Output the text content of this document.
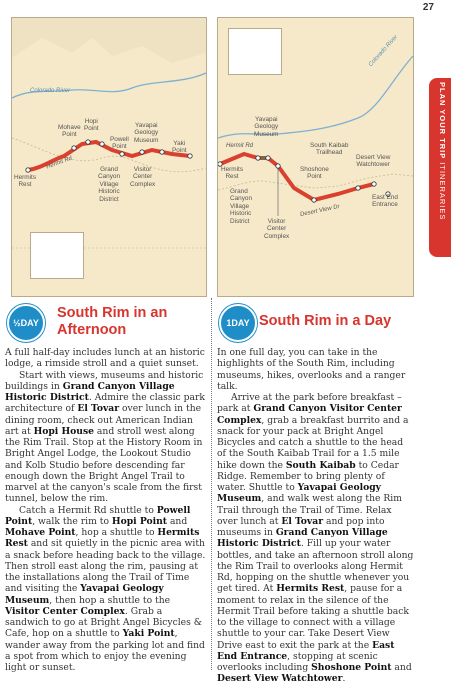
27
PLAN YOUR TRIP ITINERARIES
Colorado River
Hermit Rd
Hermits
Rest
Mohave
Point
Hopi
Point
Powell
Point
Yavapai
Geology
Museum Yaki
Point
Grand
Canyon
Village
Historic
District
Visitor
Center
Complex
Colorado River
Hermit Rd
Desert View Dr
Hermits
Rest
Yavapai
Geology
Museum
South Kaibab
Trailhead
Shoshone
Point
Desert View
Watchtower
East End
Entrance
Grand
Canyon
Village
Historic
District	Visitor
Center
Complex
½DAY
South Rim in an
Afternoon	1DAY South Rim in a Day

A full half-day includes lunch at an historic lodge, a rimside stroll and a quiet sunset.

Start with views, museums and historic buildings in Grand Canyon Village Historic District. Admire the classic park architecture of El Tovar over lunch in the dining room, check out American Indian art at Hopi House and stroll west along the Rim Trail. Stop at the History Room in Bright Angel Lodge, the Lookout Studio and Kolb Studio before descending far enough down the Bright Angel Trail to marvel at the canyon's scale from the first tunnel, below the rim.

Catch a Hermit Rd shuttle to Powell Point, walk the rim to Hopi Point and Mohave Point, hop a shuttle to Hermits Rest and sit quietly in the picnic area with a snack before heading back to the village. Then stroll east along the rim, pausing at the installations along the Trail of Time and visiting the Yavapai Geology Museum, then hop a shuttle to the Visitor Center Complex. Grab a sandwich to go at Bright Angel Bicycles & Cafe, hop on a shuttle to Yaki Point, wander away from the parking lot and find a spot from which to enjoy the evening light or sunset.

In one full day, you can take in the highlights of the South Rim, including museums, hikes, overlooks and a ranger talk.

Arrive at the park before breakfast – park at Grand Canyon Visitor Center Complex, grab a breakfast burrito and a snack for your pack at Bright Angel Bicycles and catch a shuttle to the head of the South Kaibab Trail for a 1.5 mile hike down the South Kaibab to Cedar Ridge. Remember to bring plenty of water. Shuttle to Yavapai Geology Museum, and walk west along the Rim Trail through the Trail of Time. Relax over lunch at El Tovar and pop into museums in Grand Canyon Village Historic District. Fill up your water bottles, and take an afternoon stroll along the Rim Trail to overlooks along Hermit Rd, hopping on the shuttle whenever you get tired. At Hermits Rest, pause for a moment to relax in the silence of the Hermit Trail before taking a shuttle back to the village to connect with a village shuttle to your car. Take Desert View Drive east to exit the park at the East End Entrance, stopping at scenic overlooks including Shoshone Point and Desert View Watchtower.
